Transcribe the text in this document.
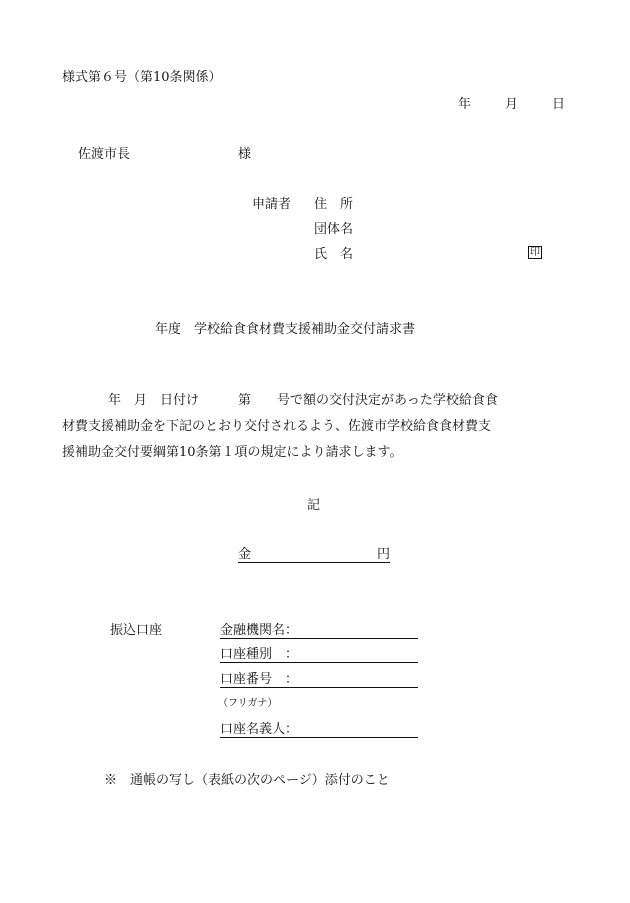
様式第６号（第10条関係）
年	月	日
佐渡市長	様
申請者 住　所
団体名
氏　名	印
年度　学校給食食材費支援補助金交付請求書

年　月　日付け　　　第　　号で額の交付決定があった学校給食食

材費支援補助金を下記のとおり交付されるよう、佐渡市学校給食食材費支

援補助金交付要綱第10条第１項の規定により請求します。

記
金	円
振込口座	金融機関名：
口座種別　：
口座番号　：
（フリガナ）
口座名義人：
※　通帳の写し（表紙の次のページ）添付のこと
